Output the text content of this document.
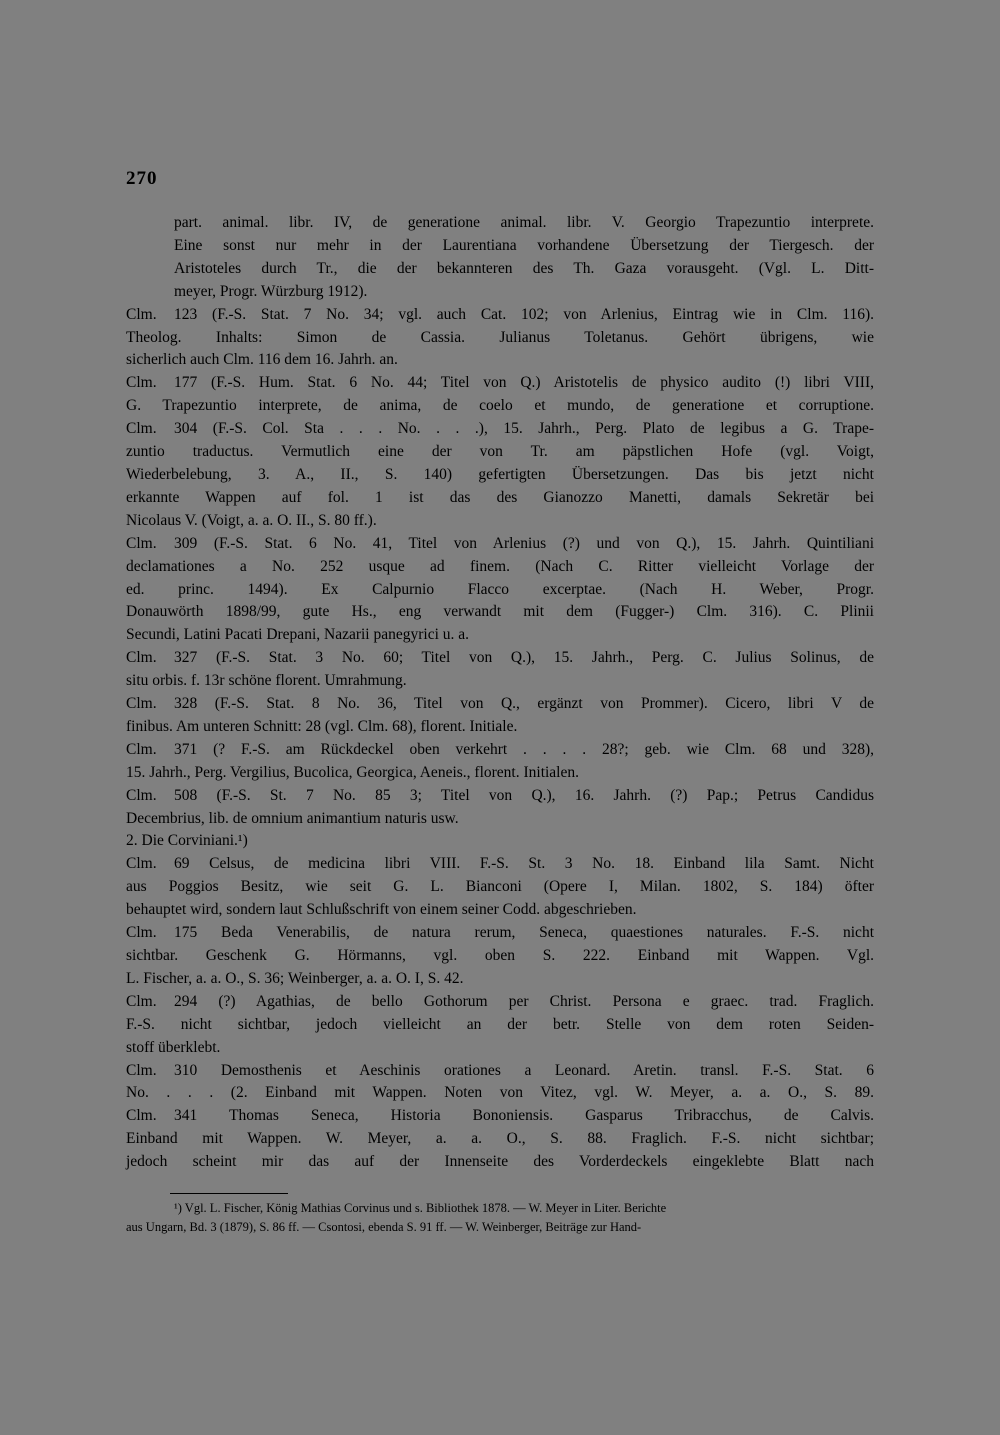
270
part. animal. libr. IV, de generatione animal. libr. V. Georgio Trapezuntio interprete.
Eine sonst nur mehr in der Laurentiana vorhandene Übersetzung der Tiergesch. der
Aristoteles durch Tr., die der bekannteren des Th. Gaza vorausgeht. (Vgl. L. Ditt-
meyer, Progr. Würzburg 1912).
Clm. 123 (F.-S. Stat. 7 No. 34; vgl. auch Cat. 102; von Arlenius, Eintrag wie in Clm. 116).
Theolog. Inhalts: Simon de Cassia. Julianus Toletanus. Gehört übrigens, wie
sicherlich auch Clm. 116 dem 16. Jahrh. an.
Clm. 177 (F.-S. Hum. Stat. 6 No. 44; Titel von Q.) Aristotelis de physico audito (!) libri VIII,
G. Trapezuntio interprete, de anima, de coelo et mundo, de generatione et corruptione.
Clm. 304 (F.-S. Col. Sta . . . No. . . .), 15. Jahrh., Perg. Plato de legibus a G. Trape-
zuntio traductus. Vermutlich eine der von Tr. am päpstlichen Hofe (vgl. Voigt,
Wiederbelebung, 3. A., II., S. 140) gefertigten Übersetzungen. Das bis jetzt nicht
erkannte Wappen auf fol. 1 ist das des Gianozzo Manetti, damals Sekretär bei
Nicolaus V. (Voigt, a. a. O. II., S. 80 ff.).
Clm. 309 (F.-S. Stat. 6 No. 41, Titel von Arlenius (?) und von Q.), 15. Jahrh. Quintiliani
declamationes a No. 252 usque ad finem. (Nach C. Ritter vielleicht Vorlage der
ed. princ. 1494). Ex Calpurnio Flacco excerptae. (Nach H. Weber, Progr.
Donauwörth 1898/99, gute Hs., eng verwandt mit dem (Fugger-) Clm. 316). C. Plinii
Secundi, Latini Pacati Drepani, Nazarii panegyrici u. a.
Clm. 327 (F.-S. Stat. 3 No. 60; Titel von Q.), 15. Jahrh., Perg. C. Julius Solinus, de
situ orbis. f. 13r schöne florent. Umrahmung.
Clm. 328 (F.-S. Stat. 8 No. 36, Titel von Q., ergänzt von Prommer). Cicero, libri V de
finibus. Am unteren Schnitt: 28 (vgl. Clm. 68), florent. Initiale.
Clm. 371 (? F.-S. am Rückdeckel oben verkehrt . . . . 28?; geb. wie Clm. 68 und 328),
15. Jahrh., Perg. Vergilius, Bucolica, Georgica, Aeneis., florent. Initialen.
Clm. 508 (F.-S. St. 7 No. 85 3; Titel von Q.), 16. Jahrh. (?) Pap.; Petrus Candidus
Decembrius, lib. de omnium animantium naturis usw.
2. Die Corviniani.¹)
Clm. 69 Celsus, de medicina libri VIII. F.-S. St. 3 No. 18. Einband lila Samt. Nicht
aus Poggios Besitz, wie seit G. L. Bianconi (Opere I, Milan. 1802, S. 184) öfter
behauptet wird, sondern laut Schlußschrift von einem seiner Codd. abgeschrieben.
Clm. 175 Beda Venerabilis, de natura rerum, Seneca, quaestiones naturales. F.-S. nicht
sichtbar. Geschenk G. Hörmanns, vgl. oben S. 222. Einband mit Wappen. Vgl.
L. Fischer, a. a. O., S. 36; Weinberger, a. a. O. I, S. 42.
Clm. 294 (?) Agathias, de bello Gothorum per Christ. Persona e graec. trad. Fraglich.
F.-S. nicht sichtbar, jedoch vielleicht an der betr. Stelle von dem roten Seiden-
stoff überklebt.
Clm. 310 Demosthenis et Aeschinis orationes a Leonard. Aretin. transl. F.-S. Stat. 6
No. . . . (2. Einband mit Wappen. Noten von Vitez, vgl. W. Meyer, a. a. O., S. 89.
Clm. 341 Thomas Seneca, Historia Bononiensis. Gasparus Tribracchus, de Calvis.
Einband mit Wappen. W. Meyer, a. a. O., S. 88. Fraglich. F.-S. nicht sichtbar;
jedoch scheint mir das auf der Innenseite des Vorderdeckels eingeklebte Blatt nach
¹) Vgl. L. Fischer, König Mathias Corvinus und s. Bibliothek 1878. — W. Meyer in Liter. Berichte
aus Ungarn, Bd. 3 (1879), S. 86 ff. — Csontosi, ebenda S. 91 ff. — W. Weinberger, Beiträge zur Hand-
